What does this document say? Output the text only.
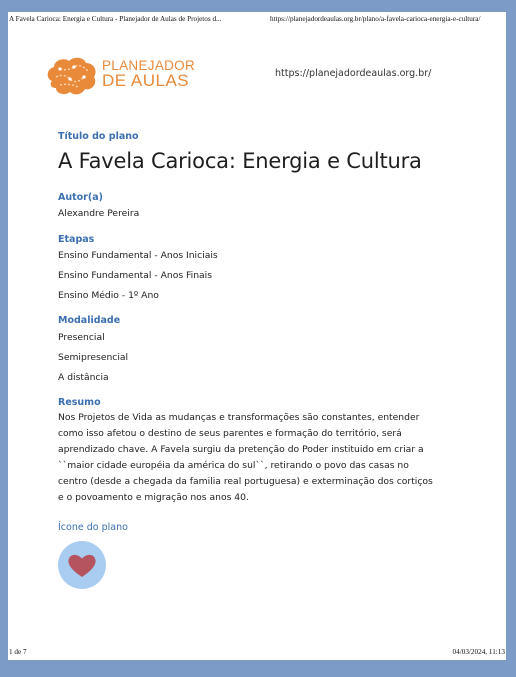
A Favela Carioca: Energia e Cultura - Planejador de Aulas de Projetos d...	https://planejadordeaulas.org.br/plano/a-favela-carioca-energia-e-cultura/
PLANEJADOR
DE AULAS	https://planejadordeaulas.org.br/
Título do plano
A Favela Carioca: Energia e Cultura
Autor(a)
Alexandre Pereira
Etapas
Ensino Fundamental - Anos Iniciais
Ensino Fundamental - Anos Finais
Ensino Médio - 1º Ano
Modalidade
Presencial
Semipresencial
A distância
Resumo
Nos Projetos de Vida as mudanças e transformações são constantes, entender como isso afetou o destino de seus parentes e formação do território, será aprendizado chave. A Favela surgiu da pretenção do Poder instituido em criar a ``maior cidade européia da américa do sul``, retirando o povo das casas no centro (desde a chegada da familia real portuguesa) e exterminação dos cortiços e o povoamento e migração nos anos 40.
Ícone do plano
1 de 7	04/03/2024, 11:13
